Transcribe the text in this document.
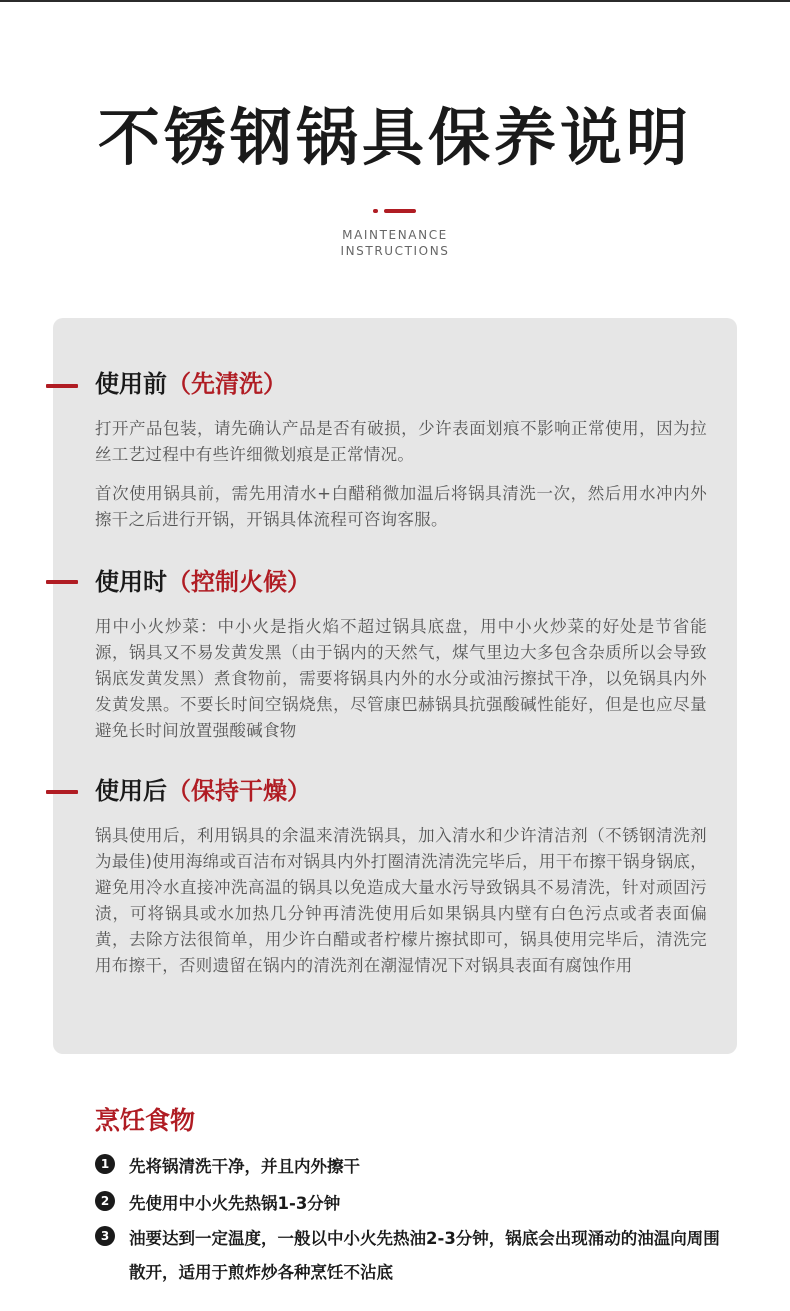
不锈钢锅具保养说明
MAINTENANCE
INSTRUCTIONS
使用前（先清洗）

打开产品包装，请先确认产品是否有破损，少许表面划痕不影响正常使用，因为拉丝工艺过程中有些许细微划痕是正常情况。

首次使用锅具前，需先用清水+白醋稍微加温后将锅具清洗一次，然后用水冲内外擦干之后进行开锅，开锅具体流程可咨询客服。

使用时（控制火候）

用中小火炒菜：中小火是指火焰不超过锅具底盘，用中小火炒菜的好处是节省能源，锅具又不易发黄发黑（由于锅内的天然气，煤气里边大多包含杂质所以会导致锅底发黄发黑）煮食物前，需要将锅具内外的水分或油污擦拭干净，以免锅具内外发黄发黑。不要长时间空锅烧焦，尽管康巴赫锅具抗强酸碱性能好，但是也应尽量避免长时间放置强酸碱食物

使用后（保持干燥）

锅具使用后，利用锅具的余温来清洗锅具，加入清水和少许清洁剂（不锈钢清洗剂为最佳)使用海绵或百洁布对锅具内外打圈清洗清洗完毕后，用干布擦干锅身锅底，避免用冷水直接冲洗高温的锅具以免造成大量水污导致锅具不易清洗，针对顽固污渍，可将锅具或水加热几分钟再清洗使用后如果锅具内壁有白色污点或者表面偏黄，去除方法很简单，用少许白醋或者柠檬片擦拭即可，锅具使用完毕后，清洗完用布擦干，否则遗留在锅内的清洗剂在潮湿情况下对锅具表面有腐蚀作用

烹饪食物
1	先将锅清洗干净，并且内外擦干
2	先使用中小火先热锅1-3分钟
3	油要达到一定温度，一般以中小火先热油2-3分钟，锅底会出现涌动的油温向周围散开，适用于煎炸炒各种烹饪不沾底
